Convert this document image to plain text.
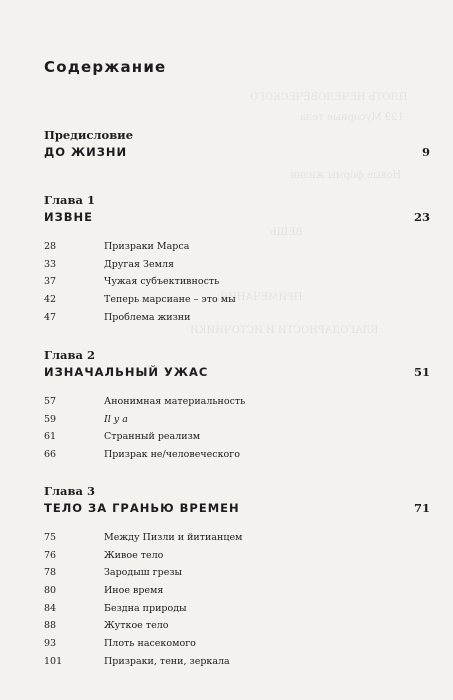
ПЛОТЬ НЕЧЕЛОВЕЧЕСКОГО
129 Мусорные тела
Новые формы жизни
ВЕЩЬ
ПРИМЕЧАНИЯ
БЛАГОДАРНОСТИ И ИСТОЧНИКИ
Содержание
Предисловие
ДО ЖИЗНИ	9
Глава 1
ИЗВНЕ	23
28	Призраки Марса
33	Другая Земля
37	Чужая субъективность
42	Теперь марсиане – это мы
47	Проблема жизни
Глава 2
ИЗНАЧАЛЬНЫЙ УЖАС	51
57	Анонимная материальность
59	Il y a
61	Странный реализм
66	Призрак не/человеческого
Глава 3
ТЕЛО ЗА ГРАНЬЮ ВРЕМЕН	71
75	Между Пизли и йитианцем
76	Живое тело
78	Зародыш грезы
80	Иное время
84	Бездна природы
88	Жуткое тело
93	Плоть насекомого
101	Призраки, тени, зеркала
